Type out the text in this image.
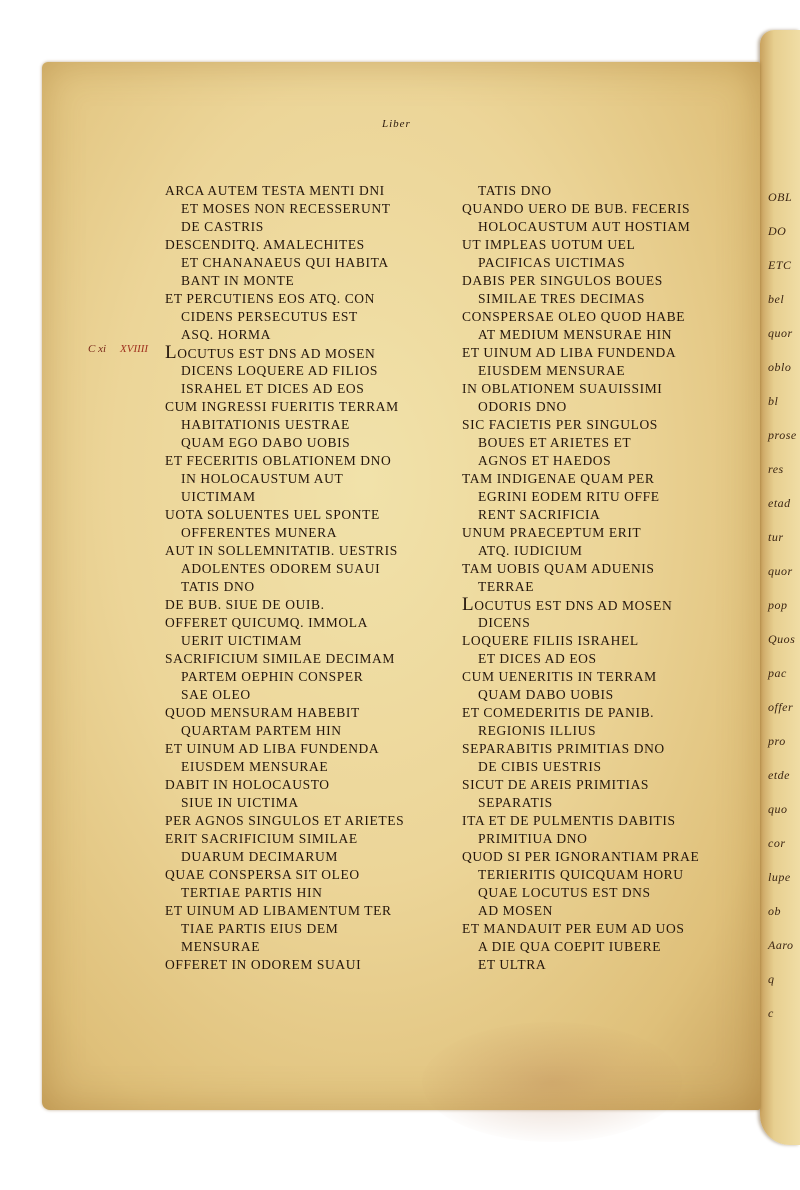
OBL
DO
ETC
bel
quor
oblo
bl
prose
res
etad
tur
quor
pop
Quos
pac
offer
pro
etde
quo
cor
lupe
ob
Aaro
q
c
Liber
C xi XVIIII
ARCA AUTEM TESTA MENTI DNI
ET MOSES NON RECESSERUNT
DE CASTRIS
DESCENDITQ. AMALECHITES
ET CHANANAEUS QUI HABITA
BANT IN MONTE
ET PERCUTIENS EOS ATQ. CON
CIDENS PERSECUTUS EST
ASQ. HORMA
LOCUTUS EST DNS AD MOSEN
DICENS LOQUERE AD FILIOS
ISRAHEL ET DICES AD EOS
CUM INGRESSI FUERITIS TERRAM
HABITATIONIS UESTRAE
QUAM EGO DABO UOBIS
ET FECERITIS OBLATIONEM DNO
IN HOLOCAUSTUM AUT
UICTIMAM
UOTA SOLUENTES UEL SPONTE
OFFERENTES MUNERA
AUT IN SOLLEMNITATIB. UESTRIS
ADOLENTES ODOREM SUAUI
TATIS DNO
DE BUB. SIUE DE OUIB.
OFFERET QUICUMQ. IMMOLA
UERIT UICTIMAM
SACRIFICIUM SIMILAE DECIMAM
PARTEM OEPHIN CONSPER
SAE OLEO
QUOD MENSURAM HABEBIT
QUARTAM PARTEM HIN
ET UINUM AD LIBA FUNDENDA
EIUSDEM MENSURAE
DABIT IN HOLOCAUSTO
SIUE IN UICTIMA
PER AGNOS SINGULOS ET ARIETES
ERIT SACRIFICIUM SIMILAE
DUARUM DECIMARUM
QUAE CONSPERSA SIT OLEO
TERTIAE PARTIS HIN
ET UINUM AD LIBAMENTUM TER
TIAE PARTIS EIUS DEM
MENSURAE
OFFERET IN ODOREM SUAUI
TATIS DNO
QUANDO UERO DE BUB. FECERIS
HOLOCAUSTUM AUT HOSTIAM
UT IMPLEAS UOTUM UEL
PACIFICAS UICTIMAS
DABIS PER SINGULOS BOUES
SIMILAE TRES DECIMAS
CONSPERSAE OLEO QUOD HABE
AT MEDIUM MENSURAE HIN
ET UINUM AD LIBA FUNDENDA
EIUSDEM MENSURAE
IN OBLATIONEM SUAUISSIMI
ODORIS DNO
SIC FACIETIS PER SINGULOS
BOUES ET ARIETES ET
AGNOS ET HAEDOS
TAM INDIGENAE QUAM PER
EGRINI EODEM RITU OFFE
RENT SACRIFICIA
UNUM PRAECEPTUM ERIT
ATQ. IUDICIUM
TAM UOBIS QUAM ADUENIS
TERRAE
LOCUTUS EST DNS AD MOSEN
DICENS
LOQUERE FILIIS ISRAHEL
ET DICES AD EOS
CUM UENERITIS IN TERRAM
QUAM DABO UOBIS
ET COMEDERITIS DE PANIB.
REGIONIS ILLIUS
SEPARABITIS PRIMITIAS DNO
DE CIBIS UESTRIS
SICUT DE AREIS PRIMITIAS
SEPARATIS
ITA ET DE PULMENTIS DABITIS
PRIMITIUA DNO
QUOD SI PER IGNORANTIAM PRAE
TERIERITIS QUICQUAM HORU
QUAE LOCUTUS EST DNS
AD MOSEN
ET MANDAUIT PER EUM AD UOS
A DIE QUA COEPIT IUBERE
ET ULTRA
